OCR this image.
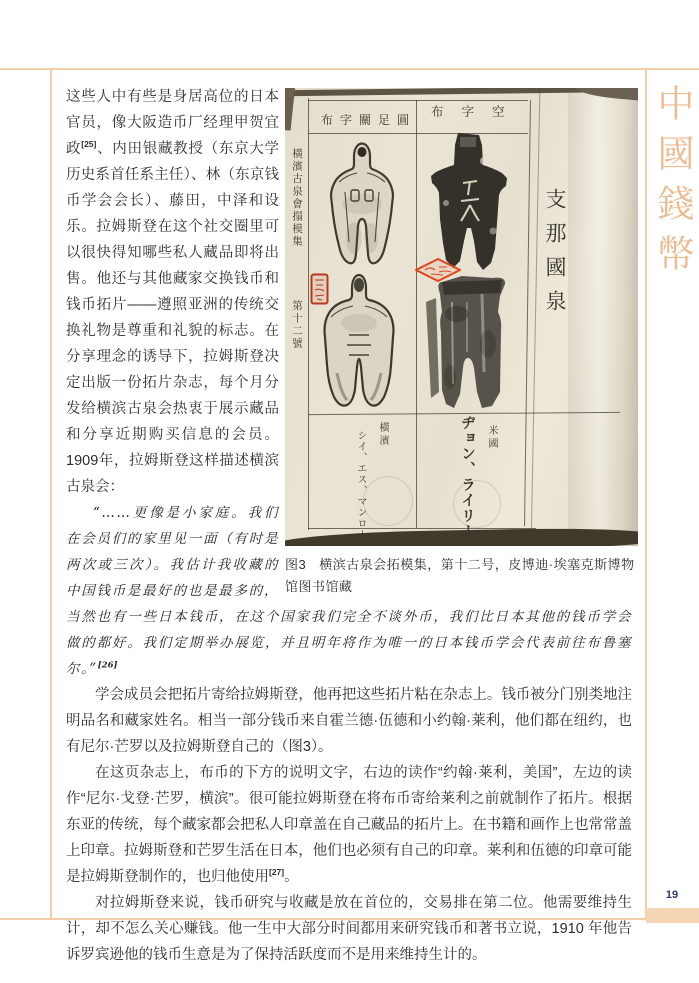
中國錢幣
19
橫濱古泉會搨模集
第十二號
布字關足圓
布字空
支那國泉
橫濱
シイ、エス、マンロー	米國
ヂョン、ライリー
图3 横滨古泉会拓模集，第十二号，皮博迪·埃塞克斯博物馆图书馆藏

这些人中有些是身居高位的日本官员，像大阪造币厂经理甲贺宜政[25]、内田银藏教授（东京大学历史系首任系主任）、林（东京钱币学会会长）、藤田，中泽和设乐。拉姆斯登在这个社交圈里可以很快得知哪些私人藏品即将出售。他还与其他藏家交换钱币和钱币拓片——遵照亚洲的传统交换礼物是尊重和礼貌的标志。在分享理念的诱导下，拉姆斯登决定出版一份拓片杂志，每个月分发给横滨古泉会热衷于展示藏品和分享近期购买信息的会员。1909年，拉姆斯登这样描述横滨古泉会：

“……更像是小家庭。我们在会员们的家里见一面（有时是两次或三次）。我估计我收藏的中国钱币是最好的也是最多的，当然也有一些日本钱币，在这个国家我们完全不谈外币，我们比日本其他的钱币学会做的都好。我们定期举办展览，并且明年将作为唯一的日本钱币学会代表前往布鲁塞尔。”[26]

学会成员会把拓片寄给拉姆斯登，他再把这些拓片粘在杂志上。钱币被分门别类地注明品名和藏家姓名。相当一部分钱币来自霍兰德·伍德和小约翰·莱利，他们都在纽约，也有尼尔·芒罗以及拉姆斯登自己的（图3）。

在这页杂志上，布币的下方的说明文字，右边的读作“约翰·莱利，美国”，左边的读作“尼尔·戈登·芒罗，横滨”。很可能拉姆斯登在将布币寄给莱利之前就制作了拓片。根据东亚的传统，每个藏家都会把私人印章盖在自己藏品的拓片上。在书籍和画作上也常常盖上印章。拉姆斯登和芒罗生活在日本，他们也必须有自己的印章。莱利和伍德的印章可能是拉姆斯登制作的，也归他使用[27]。

对拉姆斯登来说，钱币研究与收藏是放在首位的，交易排在第二位。他需要维持生计，却不怎么关心赚钱。他一生中大部分时间都用来研究钱币和著书立说，1910 年他告诉罗宾逊他的钱币生意是为了保持活跃度而不是用来维持生计的。
